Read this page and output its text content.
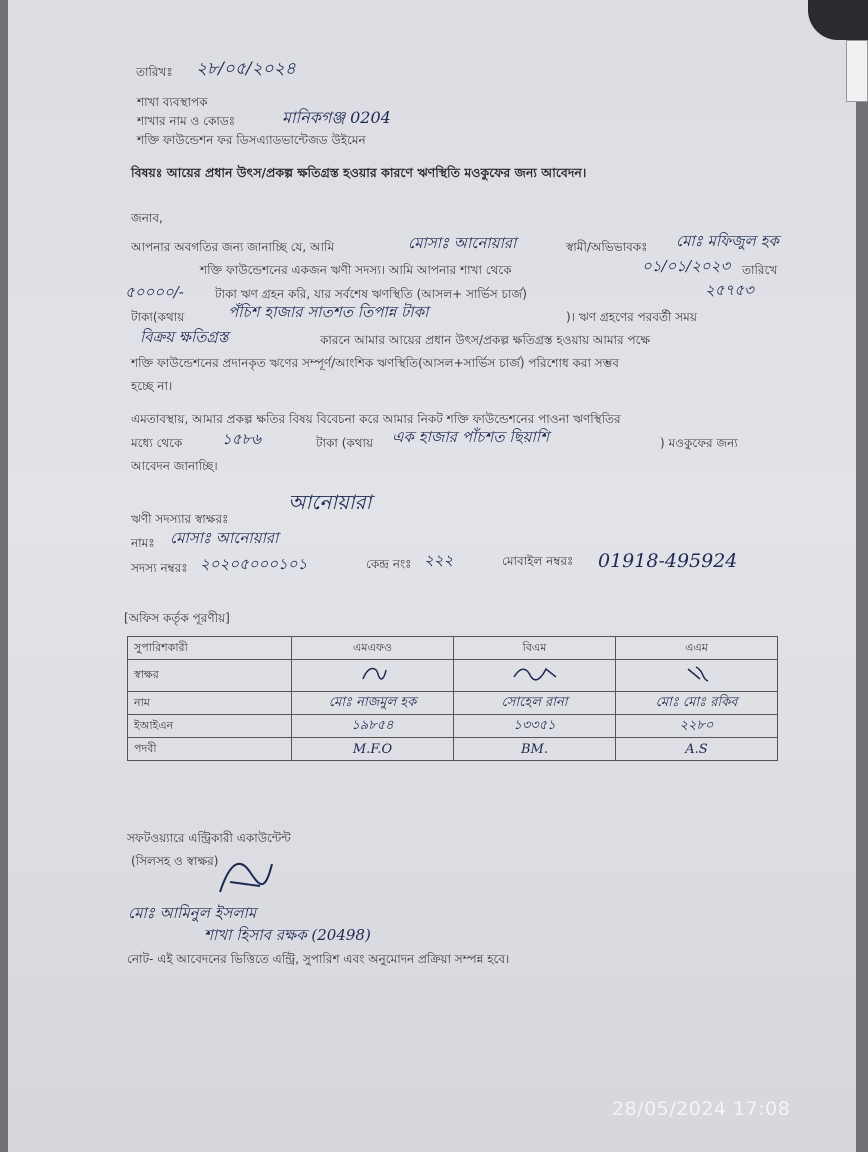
তারিখঃ ২৮/০৫/২০২৪
শাখা ব্যবস্থাপক
শাখার নাম ও কোডঃ	মানিকগঞ্জ 0204
শক্তি ফাউন্ডেশন ফর ডিসএ্যাডভান্টেজড উইমেন
বিষয়ঃ আয়ের প্রধান উৎস/প্রকল্প ক্ষতিগ্রস্ত হওয়ার কারণে ঋণস্থিতি মওকুফের জন্য আবেদন।
জনাব,
আপনার অবগতির জন্য জানাচ্ছি যে, আমি	মোসাঃ আনোয়ারা	স্বামী/অভিভাবকঃ মোঃ মফিজুল হক
শক্তি ফাউন্ডেশনের একজন ঋণী সদস্য। আমি আপনার শাখা থেকে	০১/০১/২০২৩ তারিখে
৫০০০০/-	টাকা ঋণ গ্রহন করি, যার সর্বশেষ ঋণস্থিতি (আসল+ সার্ভিস চার্জ)	২৫৭৫৩
টাকা(কথায়	পঁচিশ হাজার সাতশত তিপান্ন টাকা	)। ঋণ গ্রহণের পরবর্তী সময়
বিক্রয় ক্ষতিগ্রস্ত	কারনে আমার আয়ের প্রধান উৎস/প্রকল্প ক্ষতিগ্রস্ত হওয়ায় আমার পক্ষে
শক্তি ফাউন্ডেশনের প্রদানকৃত ঋণের সম্পূর্ণ/আংশিক ঋণস্থিতি(আসল+সার্ভিস চার্জ) পরিশোধ করা সম্ভব
হচ্ছে না।
এমতাবস্থায়, আমার প্রকল্প ক্ষতির বিষয় বিবেচনা করে আমার নিকট শক্তি ফাউন্ডেশনের পাওনা ঋণস্থিতির
মধ্যে থেকে	১৫৮৬	টাকা (কথায় এক হাজার পাঁচশত ছিয়াশি	) মওকুফের জন্য
আবেদন জানাচ্ছি।
ঋণী সদস্যার স্বাক্ষরঃ
আনোয়ারা
নামঃ মোসাঃ আনোয়ারা
সদস্য নম্বরঃ ২০২০৫০০০১০১	কেন্দ্র নংঃ ২২২	মোবাইল নম্বরঃ 01918-495924
[অফিস কর্তৃক পূরণীয়]
সুপারিশকারী	এমএফও	বিএম	এএম
স্বাক্ষর			
নাম	মোঃ নাজমুল হক	সোহেল রানা	মোঃ মোঃ রকিব
ইআইএন	১৯৮৫৪	১৩৩৫১	২২৮০
পদবী	M.F.O	BM.	A.S
সফটওয়্যারে এন্ট্রিকারী একাউন্টেন্ট
(সিলসহ ও স্বাক্ষর)
মোঃ আমিনুল ইসলাম
শাখা হিসাব রক্ষক (20498)
নোট- এই আবেদনের ভিত্তিতে এন্ট্রি, সুপারিশ এবং অনুমোদন প্রক্রিয়া সম্পন্ন হবে।
28/05/2024 17:08
